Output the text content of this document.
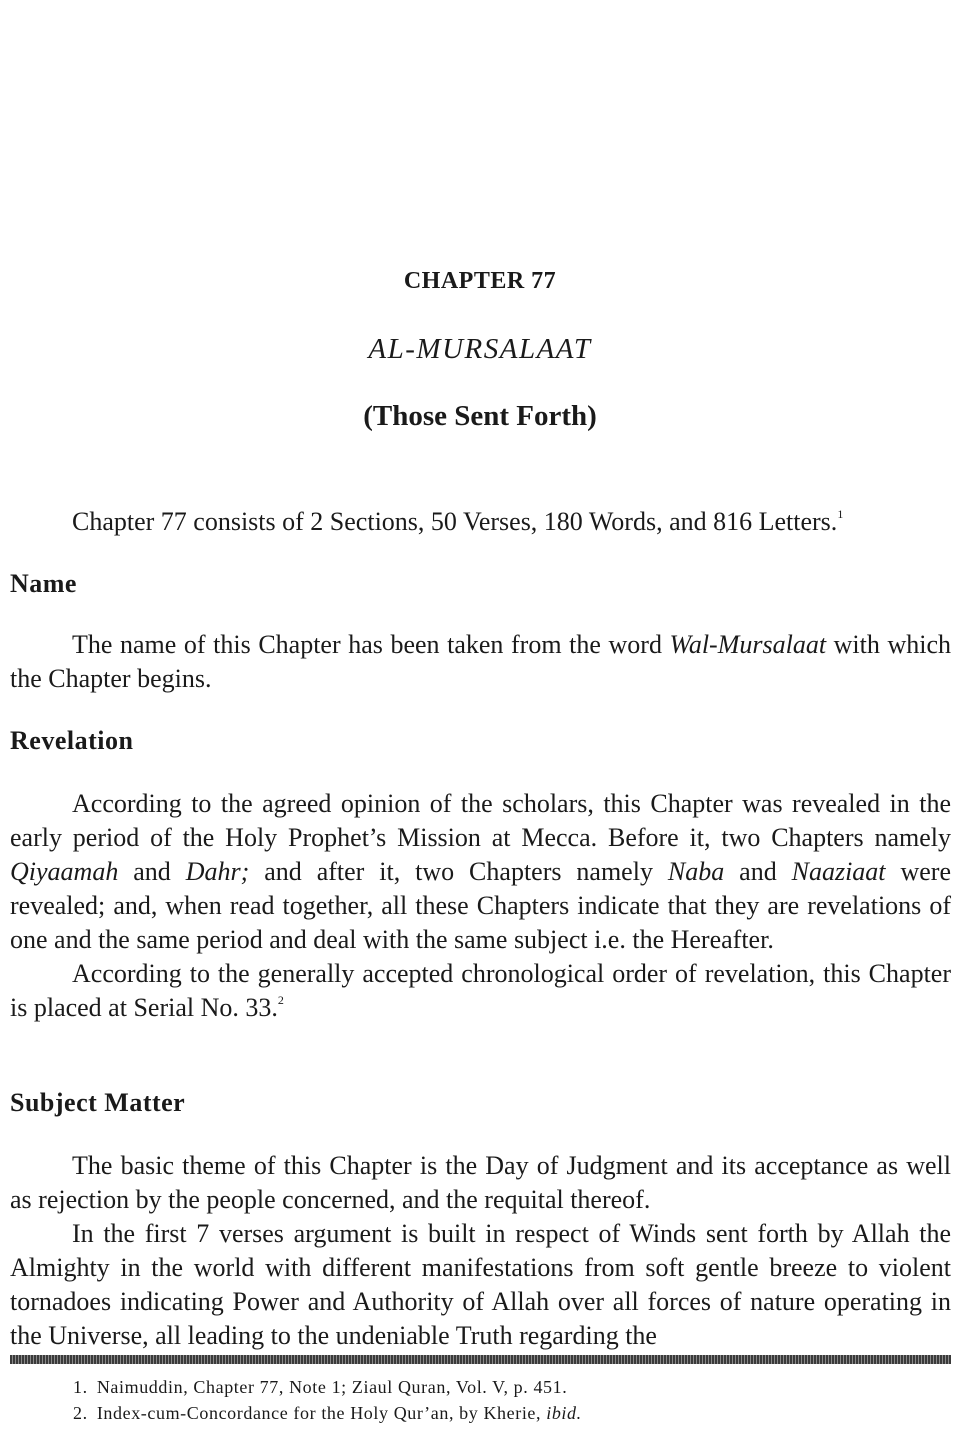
CHAPTER 77
AL-MURSALAAT
(Those Sent Forth)

Chapter 77 consists of 2 Sections, 50 Verses, 180 Words, and 816 Letters.$^1$

Name

The name of this Chapter has been taken from the word Wal-Mursalaat with which the Chapter begins.

Revelation

According to the agreed opinion of the scholars, this Chapter was revealed in the early period of the Holy Prophet’s Mission at Mecca. Before it, two Chapters namely Qiyaamah and Dahr; and after it, two Chapters namely Naba and Naaziaat were revealed; and, when read together, all these Chapters indicate that they are revelations of one and the same period and deal with the same subject i.e. the Hereafter.

According to the generally accepted chronological order of revelation, this Chapter is placed at Serial No. 33.$^2$

Subject Matter

The basic theme of this Chapter is the Day of Judgment and its acceptance as well as rejection by the people concerned, and the requital thereof.

In the first 7 verses argument is built in respect of Winds sent forth by Allah the Almighty in the world with different manifestations from soft gentle breeze to violent tornadoes indicating Power and Authority of Allah over all forces of nature operating in the Universe, all leading to the undeniable Truth regarding the

1. Naimuddin, Chapter 77, Note 1; Ziaul Quran, Vol. V, p. 451.

2. Index-cum-Concordance for the Holy Qur’an, by Kherie, ibid.
